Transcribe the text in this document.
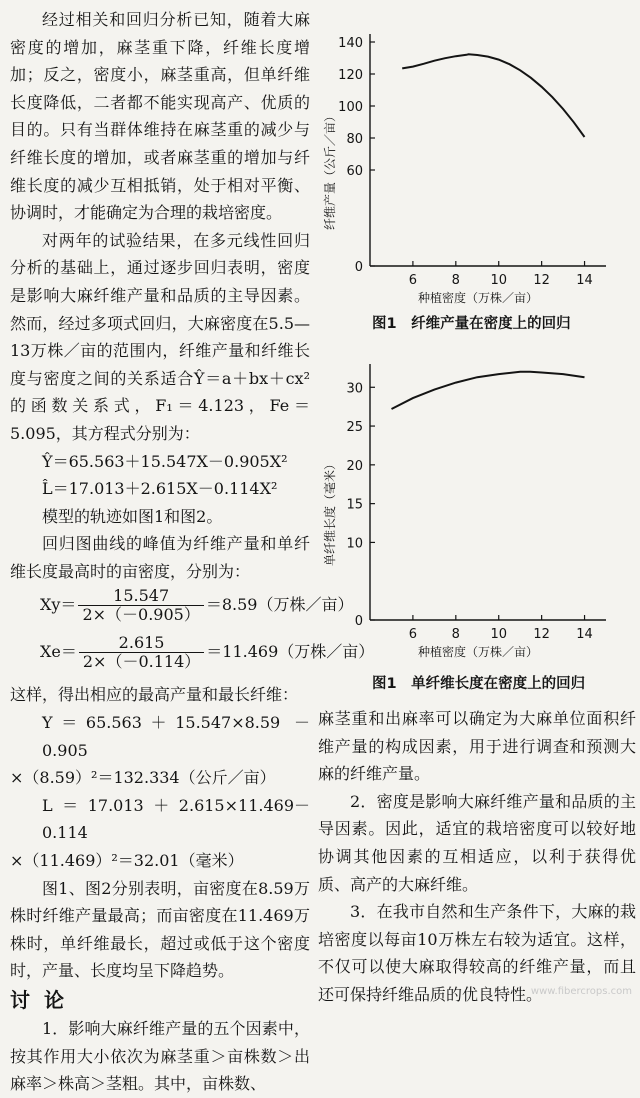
经过相关和回归分析已知，随着大麻密度的增加，麻茎重下降，纤维长度增加；反之，密度小，麻茎重高，但单纤维长度降低，二者都不能实现高产、优质的目的。只有当群体维持在麻茎重的减少与纤维长度的增加，或者麻茎重的增加与纤维长度的减少互相抵销，处于相对平衡、协调时，才能确定为合理的栽培密度。

对两年的试验结果，在多元线性回归分析的基础上，通过逐步回归表明，密度是影响大麻纤维产量和品质的主导因素。然而，经过多项式回归，大麻密度在5.5—13万株／亩的范围内，纤维产量和纤维长度与密度之间的关系适合Ŷ＝a＋bx＋cx²的函数关系式，F₁＝4.123，Fe＝5.095，其方程式分别为：

Ŷ＝65.563＋15.547X－0.905X²

L̂＝17.013＋2.615X－0.114X²

模型的轨迹如图1和图2。

回归图曲线的峰值为纤维产量和单纤维长度最高时的亩密度，分别为：

$Xy= \frac{15.547}{2\times(-0.905)} =8.59$（万株／亩）
$Xe= \frac{2.615}{2\times(-0.114)} =11.469$（万株／亩）

这样，得出相应的最高产量和最长纤维：

Y＝65.563＋15.547×8.59 －0.905

×（8.59）²＝132.334（公斤／亩）

L＝17.013＋2.615×11.469－0.114

×（11.469）²＝32.01（毫米）

图1、图2分别表明，亩密度在8.59万株时纤维产量最高；而亩密度在11.469万株时，单纤维最长，超过或低于这个密度时，产量、长度均呈下降趋势。

讨论

1．影响大麻纤维产量的五个因素中，按其作用大小依次为麻茎重＞亩株数＞出麻率＞株高＞茎粗。其中，亩株数、

0
60
80
100
120
140
6	8 10 12 14
种植密度（万株／亩）
纤维产量（公斤／亩）
图1　纤维产量在密度上的回归
0
10
15
20
25
30
6	8 10 12 14
种植密度（万株／亩）
单纤维长度（毫米）
图1　单纤维长度在密度上的回归

麻茎重和出麻率可以确定为大麻单位面积纤维产量的构成因素，用于进行调查和预测大麻的纤维产量。

2．密度是影响大麻纤维产量和品质的主导因素。因此，适宜的栽培密度可以较好地协调其他因素的互相适应，以利于获得优质、高产的大麻纤维。

3．在我市自然和生产条件下，大麻的栽培密度以每亩10万株左右较为适宜。这样，不仅可以使大麻取得较高的纤维产量，而且还可保持纤维品质的优良特性。

www.fibercrops.com
